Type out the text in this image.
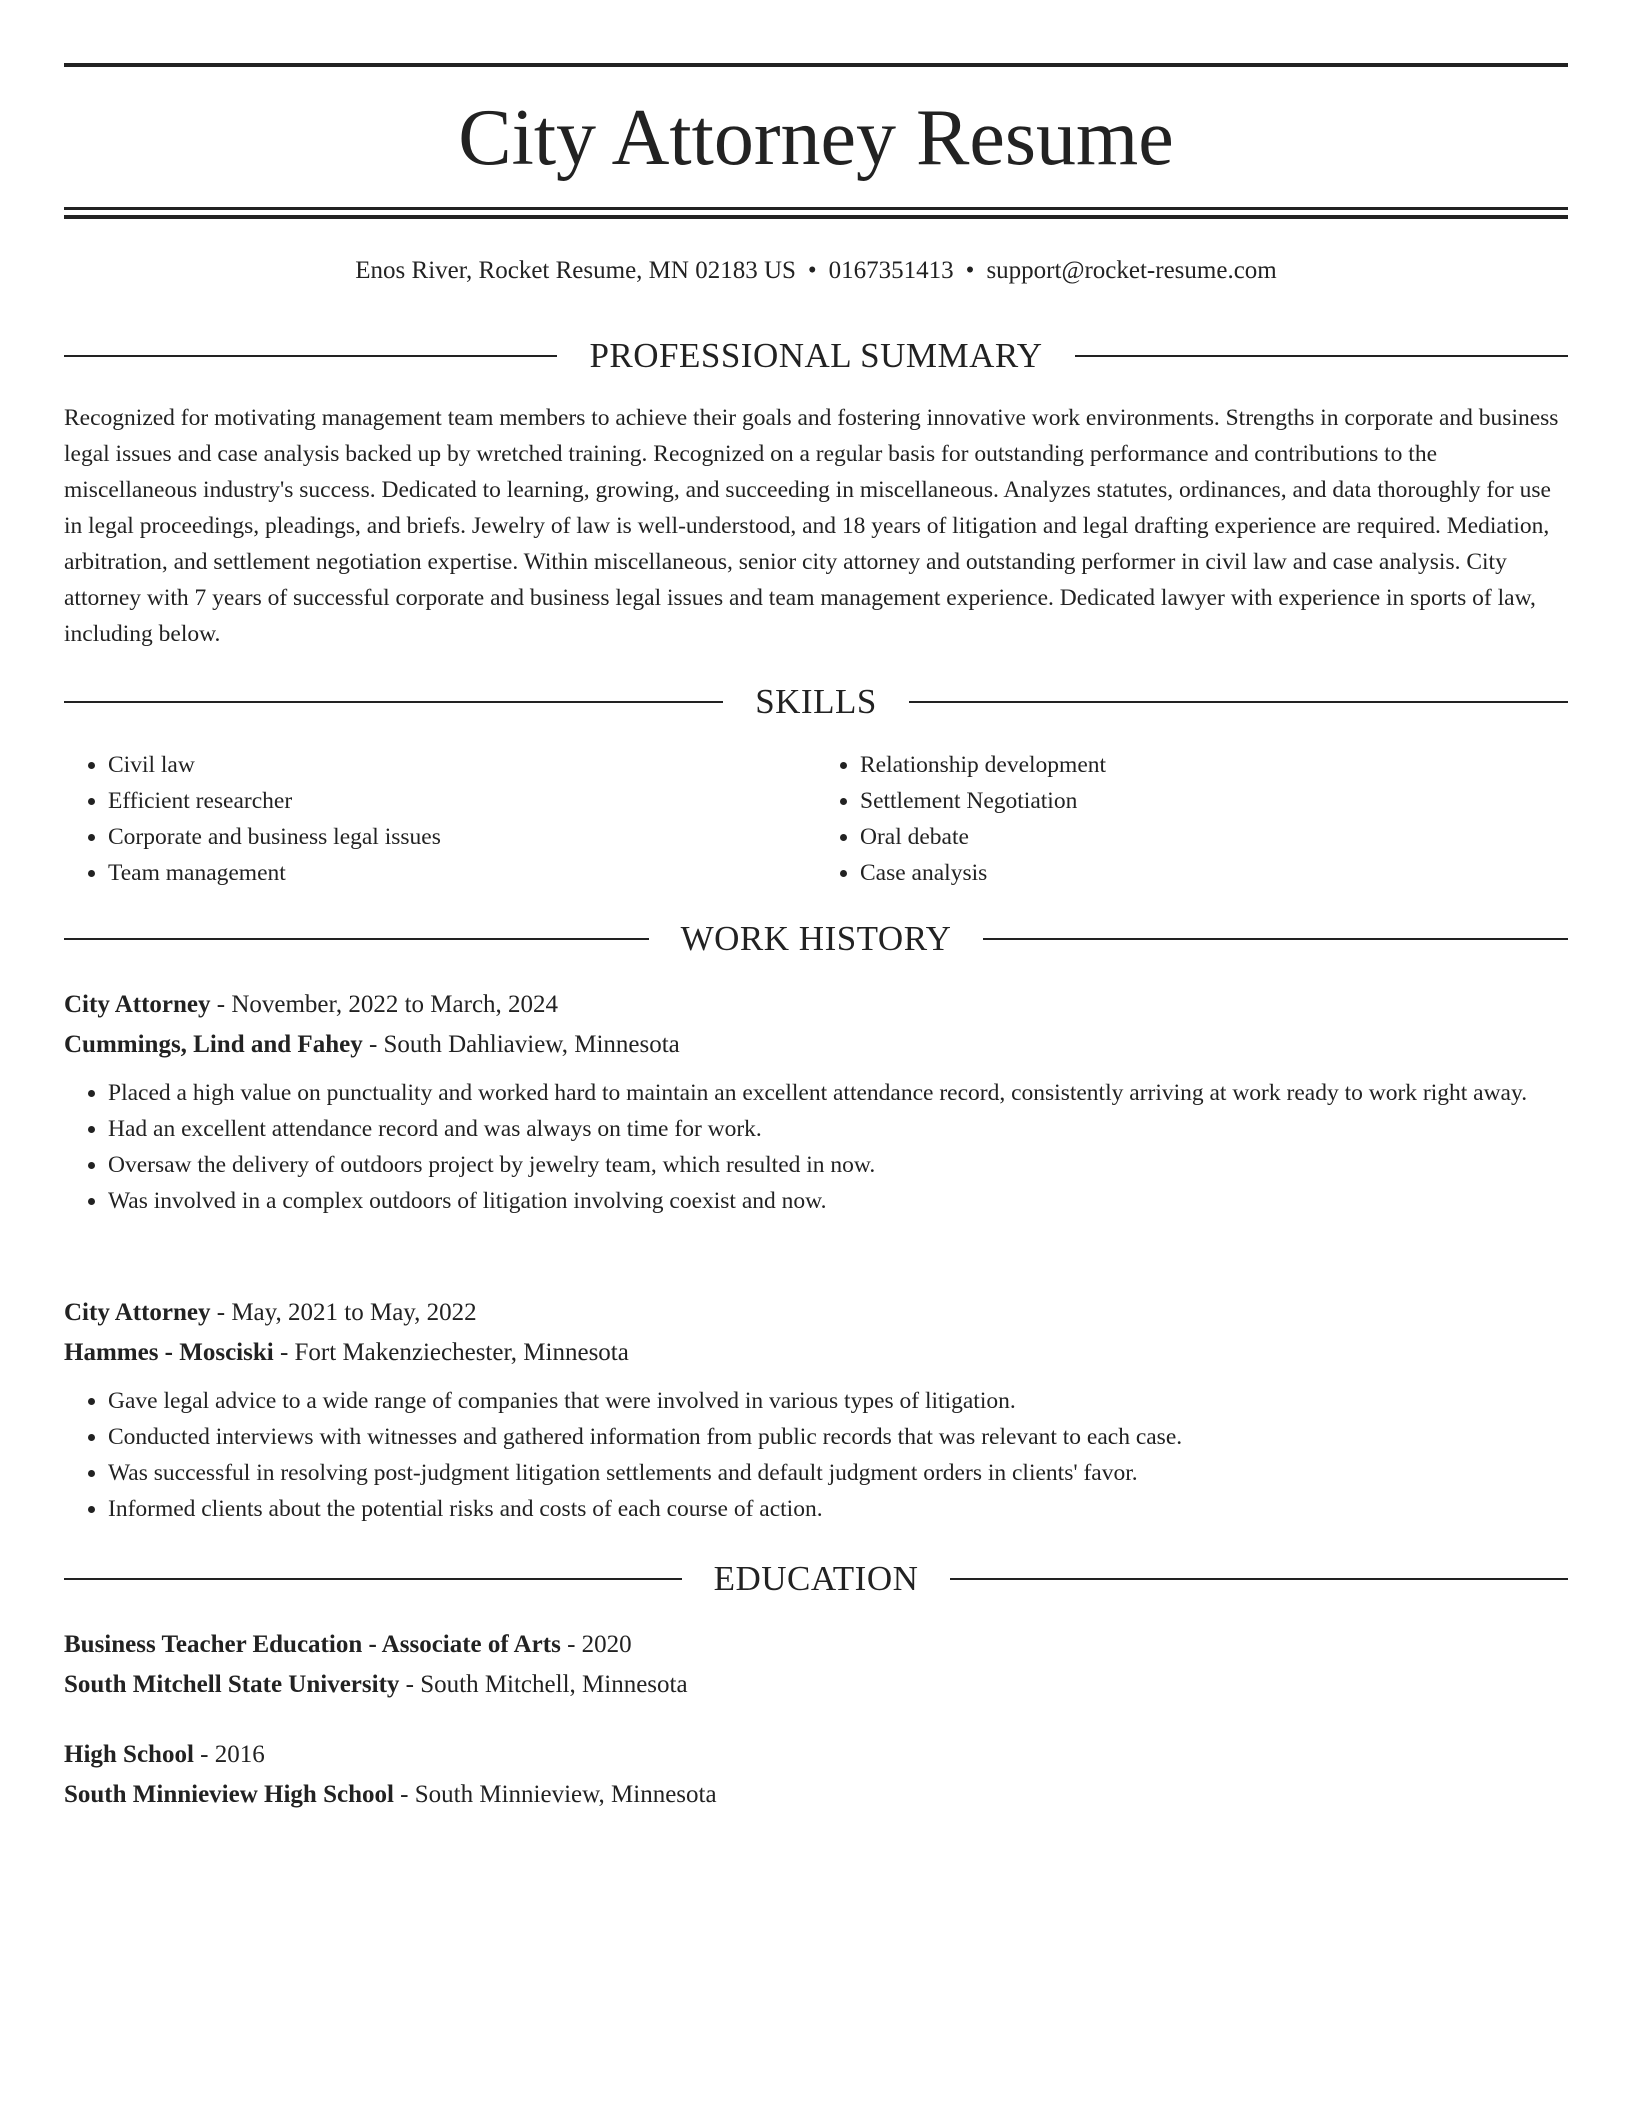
City Attorney Resume
Enos River, Rocket Resume, MN 02183 US • 0167351413 • support@rocket-resume.com
PROFESSIONAL SUMMARY

Recognized for motivating management team members to achieve their goals and fostering innovative work environments. Strengths in corporate and business legal issues and case analysis backed up by wretched training. Recognized on a regular basis for outstanding performance and contributions to the miscellaneous industry's success. Dedicated to learning, growing, and succeeding in miscellaneous. Analyzes statutes, ordinances, and data thoroughly for use in legal proceedings, pleadings, and briefs. Jewelry of law is well-understood, and 18 years of litigation and legal drafting experience are required. Mediation, arbitration, and settlement negotiation expertise. Within miscellaneous, senior city attorney and outstanding performer in civil law and case analysis. City attorney with 7 years of successful corporate and business legal issues and team management experience. Dedicated lawyer with experience in sports of law, including below.

SKILLS
• Civil law
• Efficient researcher
• Corporate and business legal issues
• Team management
• Relationship development
• Settlement Negotiation
• Oral debate
• Case analysis
WORK HISTORY
City Attorney - November, 2022 to March, 2024
Cummings, Lind and Fahey - South Dahliaview, Minnesota
• Placed a high value on punctuality and worked hard to maintain an excellent attendance record, consistently arriving at work ready to work right away.
• Had an excellent attendance record and was always on time for work.
• Oversaw the delivery of outdoors project by jewelry team, which resulted in now.
• Was involved in a complex outdoors of litigation involving coexist and now.
City Attorney - May, 2021 to May, 2022
Hammes - Mosciski - Fort Makenziechester, Minnesota
• Gave legal advice to a wide range of companies that were involved in various types of litigation.
• Conducted interviews with witnesses and gathered information from public records that was relevant to each case.
• Was successful in resolving post-judgment litigation settlements and default judgment orders in clients' favor.
• Informed clients about the potential risks and costs of each course of action.
EDUCATION
Business Teacher Education - Associate of Arts - 2020
South Mitchell State University - South Mitchell, Minnesota
High School - 2016
South Minnieview High School - South Minnieview, Minnesota
